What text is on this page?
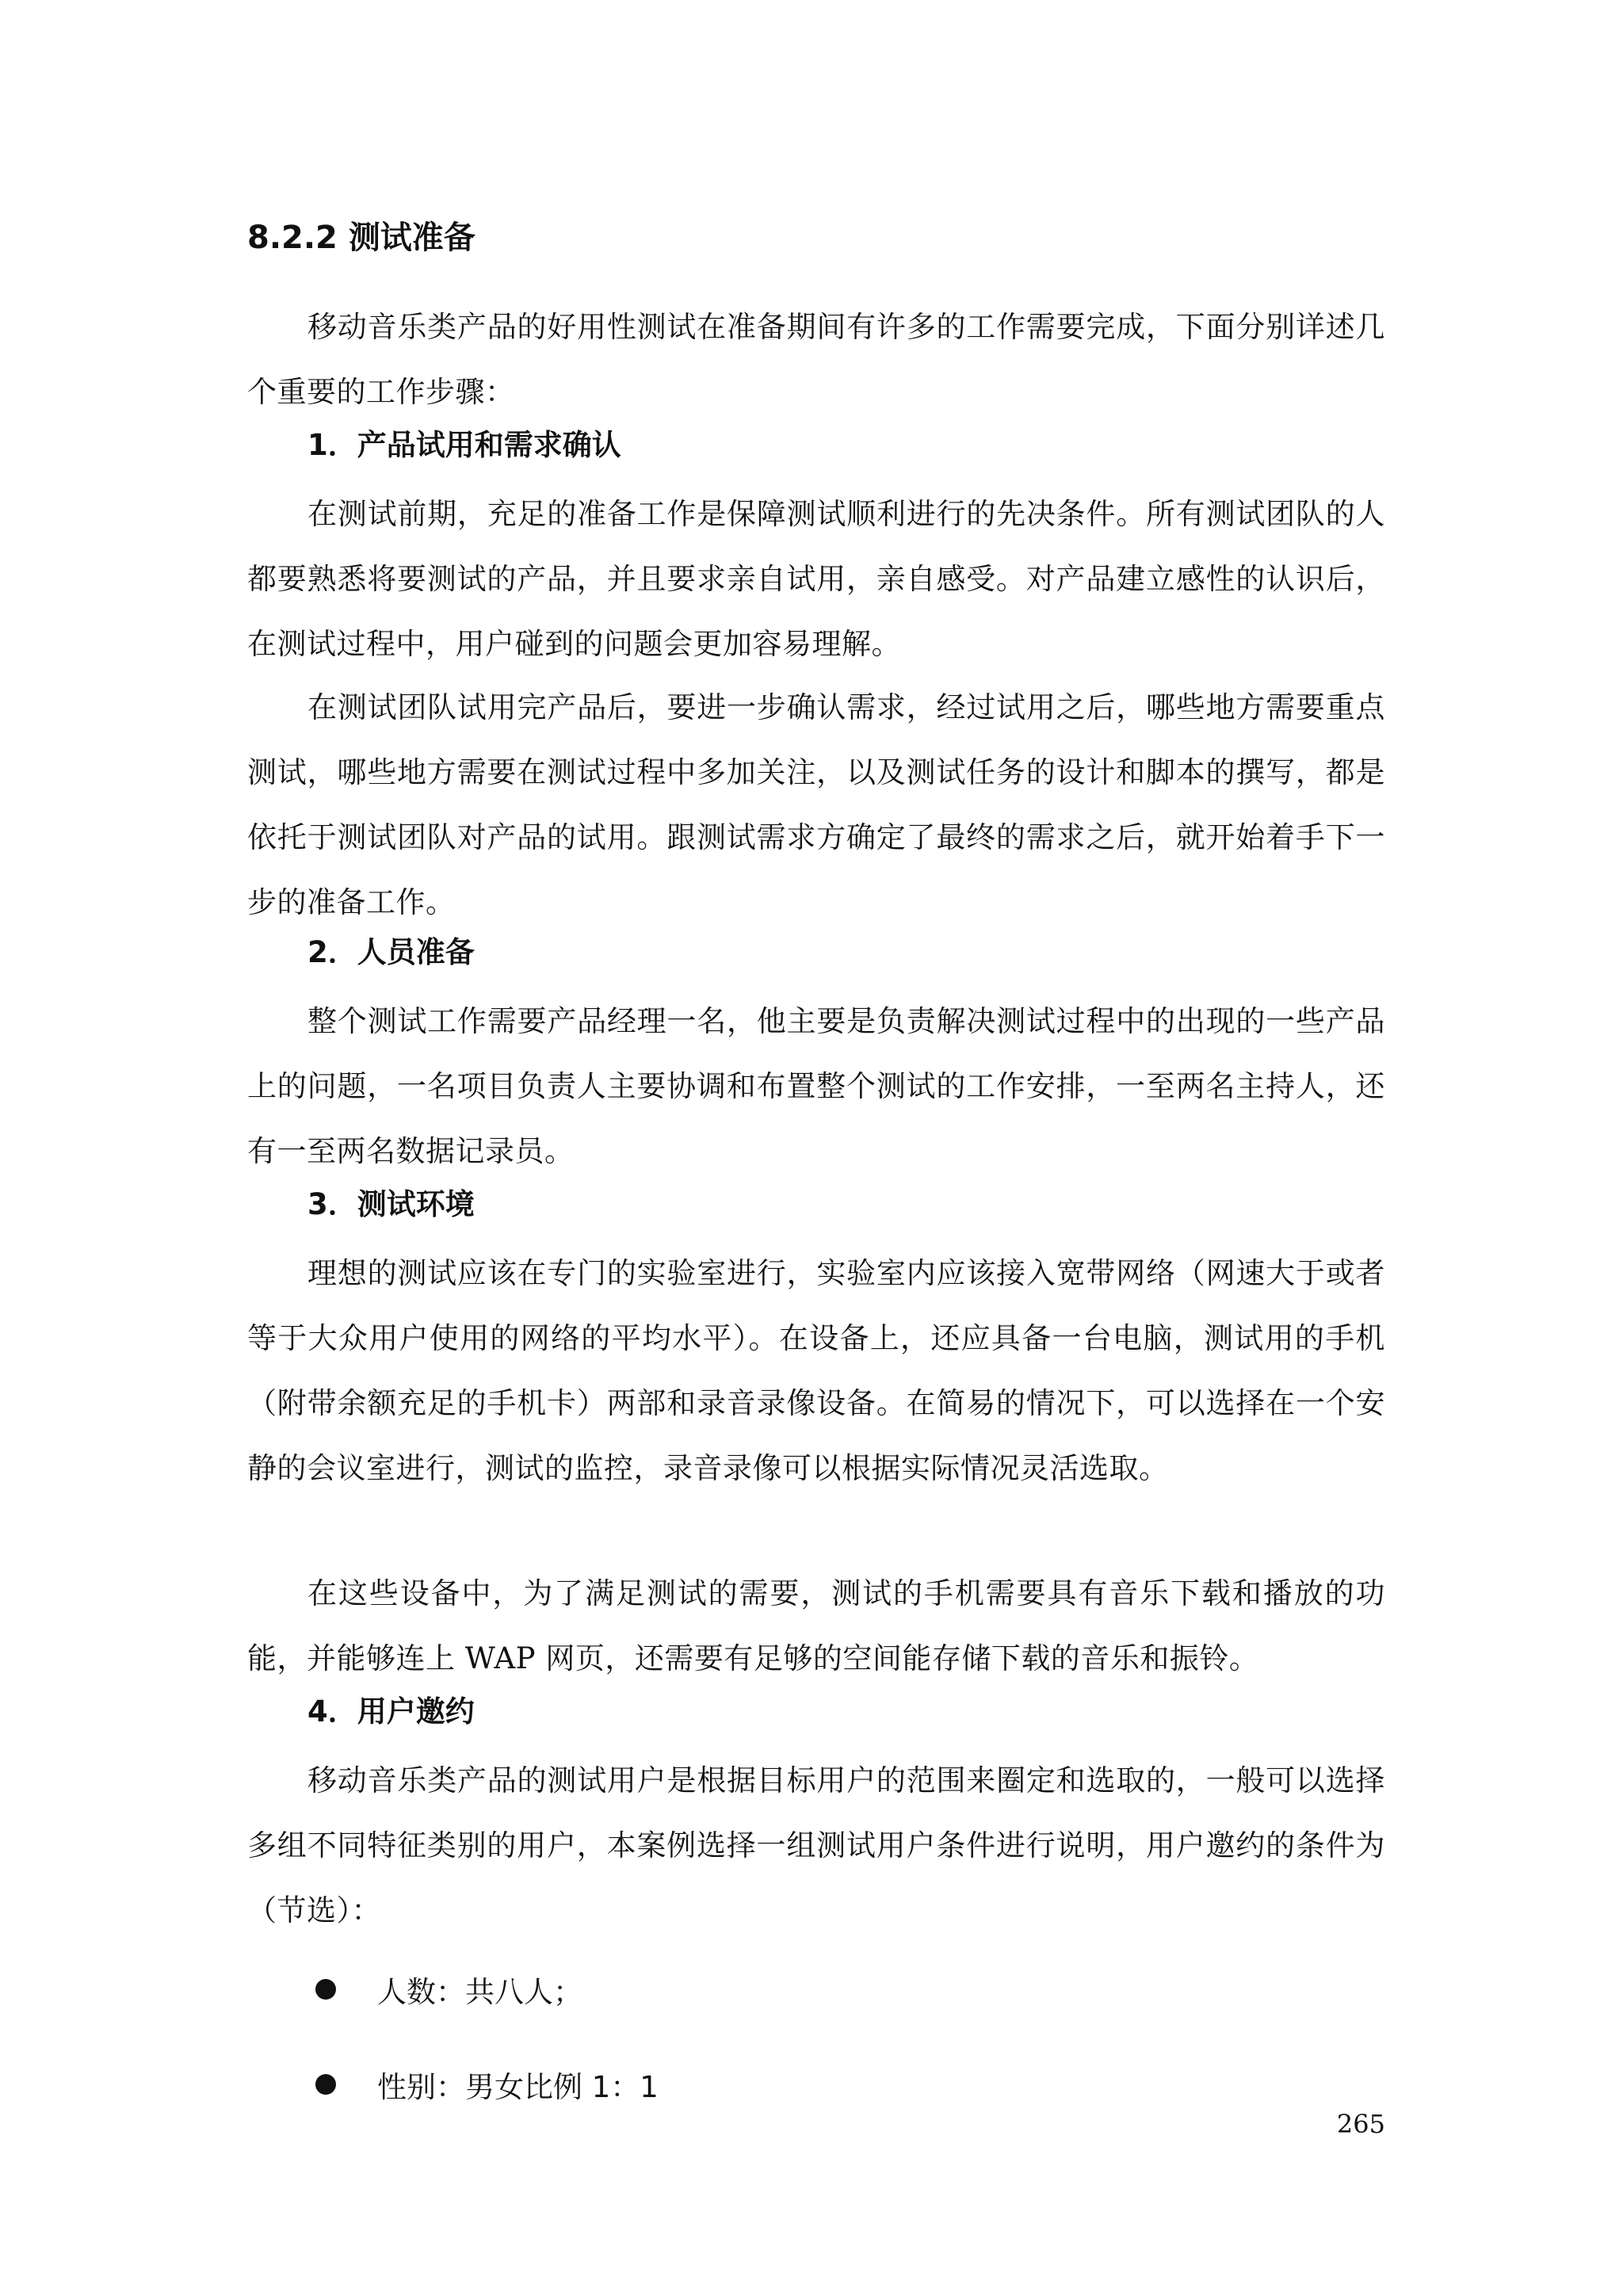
8.2.2 测试准备

移动音乐类产品的好用性测试在准备期间有许多的工作需要完成，下面分别详述几个重要的工作步骤：

1．产品试用和需求确认

在测试前期，充足的准备工作是保障测试顺利进行的先决条件。所有测试团队的人都要熟悉将要测试的产品，并且要求亲自试用，亲自感受。对产品建立感性的认识后，在测试过程中，用户碰到的问题会更加容易理解。

在测试团队试用完产品后，要进一步确认需求，经过试用之后，哪些地方需要重点测试，哪些地方需要在测试过程中多加关注，以及测试任务的设计和脚本的撰写，都是依托于测试团队对产品的试用。跟测试需求方确定了最终的需求之后，就开始着手下一步的准备工作。

2．人员准备

整个测试工作需要产品经理一名，他主要是负责解决测试过程中的出现的一些产品上的问题，一名项目负责人主要协调和布置整个测试的工作安排，一至两名主持人，还有一至两名数据记录员。

3．测试环境

理想的测试应该在专门的实验室进行，实验室内应该接入宽带网络（网速大于或者等于大众用户使用的网络的平均水平）。在设备上，还应具备一台电脑，测试用的手机（附带余额充足的手机卡）两部和录音录像设备。在简易的情况下，可以选择在一个安静的会议室进行，测试的监控，录音录像可以根据实际情况灵活选取。

在这些设备中，为了满足测试的需要，测试的手机需要具有音乐下载和播放的功能，并能够连上 WAP 网页，还需要有足够的空间能存储下载的音乐和振铃。

4．用户邀约

移动音乐类产品的测试用户是根据目标用户的范围来圈定和选取的，一般可以选择多组不同特征类别的用户，本案例选择一组测试用户条件进行说明，用户邀约的条件为（节选）：

人数：共八人；
性别：男女比例 1：1
265
